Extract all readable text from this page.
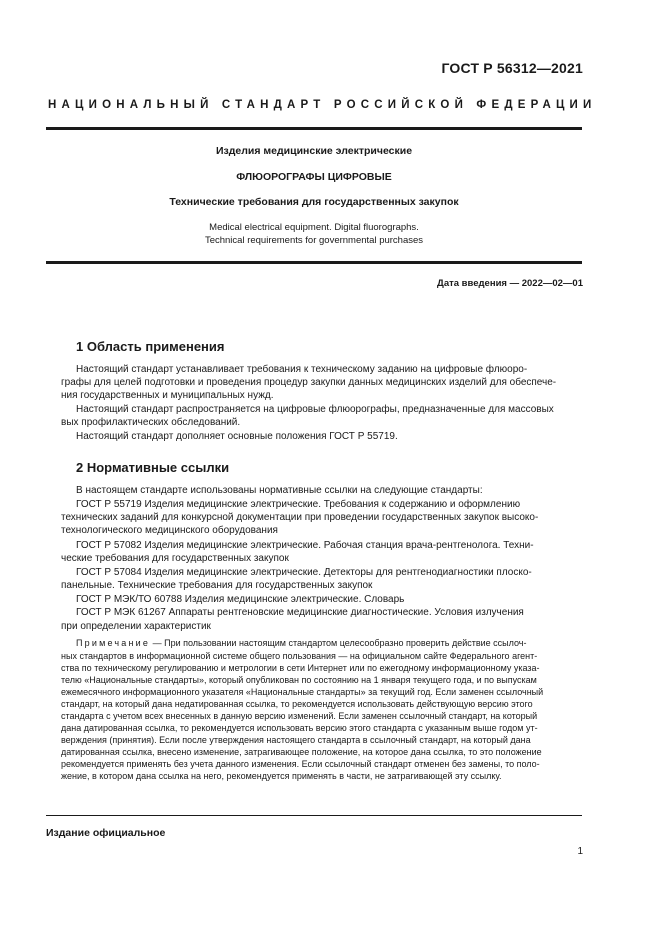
ГОСТ Р 56312—2021
НАЦИОНАЛЬНЫЙ СТАНДАРТ РОССИЙСКОЙ ФЕДЕРАЦИИ
Изделия медицинские электрические
ФЛЮОРОГРАФЫ ЦИФРОВЫЕ
Технические требования для государственных закупок
Medical electrical equipment. Digital fluorographs.
Technical requirements for governmental purchases
Дата введения — 2022—02—01
1 Область применения
Настоящий стандарт устанавливает требования к техническому заданию на цифровые флюоро-
графы для целей подготовки и проведения процедур закупки данных медицинских изделий для обеспече-
ния государственных и муниципальных нужд.
Настоящий стандарт распространяется на цифровые флюорографы, предназначенные для массовых
вых профилактических обследований.
Настоящий стандарт дополняет основные положения ГОСТ Р 55719.
2 Нормативные ссылки
В настоящем стандарте использованы нормативные ссылки на следующие стандарты:
ГОСТ Р 55719 Изделия медицинские электрические. Требования к содержанию и оформлению
технических заданий для конкурсной документации при проведении государственных закупок высоко-
технологического медицинского оборудования
ГОСТ Р 57082 Изделия медицинские электрические. Рабочая станция врача-рентгенолога. Техни-
ческие требования для государственных закупок
ГОСТ Р 57084 Изделия медицинские электрические. Детекторы для рентгенодиагностики плоско-
панельные. Технические требования для государственных закупок
ГОСТ Р МЭК/ТО 60788 Изделия медицинские электрические. Словарь
ГОСТ Р МЭК 61267 Аппараты рентгеновские медицинские диагностические. Условия излучения
при определении характеристик
Примечание — При пользовании настоящим стандартом целесообразно проверить действие ссылоч-
ных стандартов в информационной системе общего пользования — на официальном сайте Федерального агент-
ства по техническому регулированию и метрологии в сети Интернет или по ежегодному информационному указа-
телю «Национальные стандарты», который опубликован по состоянию на 1 января текущего года, и по выпускам
ежемесячного информационного указателя «Национальные стандарты» за текущий год. Если заменен ссылочный
стандарт, на который дана недатированная ссылка, то рекомендуется использовать действующую версию этого
стандарта с учетом всех внесенных в данную версию изменений. Если заменен ссылочный стандарт, на который
дана датированная ссылка, то рекомендуется использовать версию этого стандарта с указанным выше годом ут-
верждения (принятия). Если после утверждения настоящего стандарта в ссылочный стандарт, на который дана
датированная ссылка, внесено изменение, затрагивающее положение, на которое дана ссылка, то это положение
рекомендуется применять без учета данного изменения. Если ссылочный стандарт отменен без замены, то поло-
жение, в котором дана ссылка на него, рекомендуется применять в части, не затрагивающей эту ссылку.
Издание официальное
1
